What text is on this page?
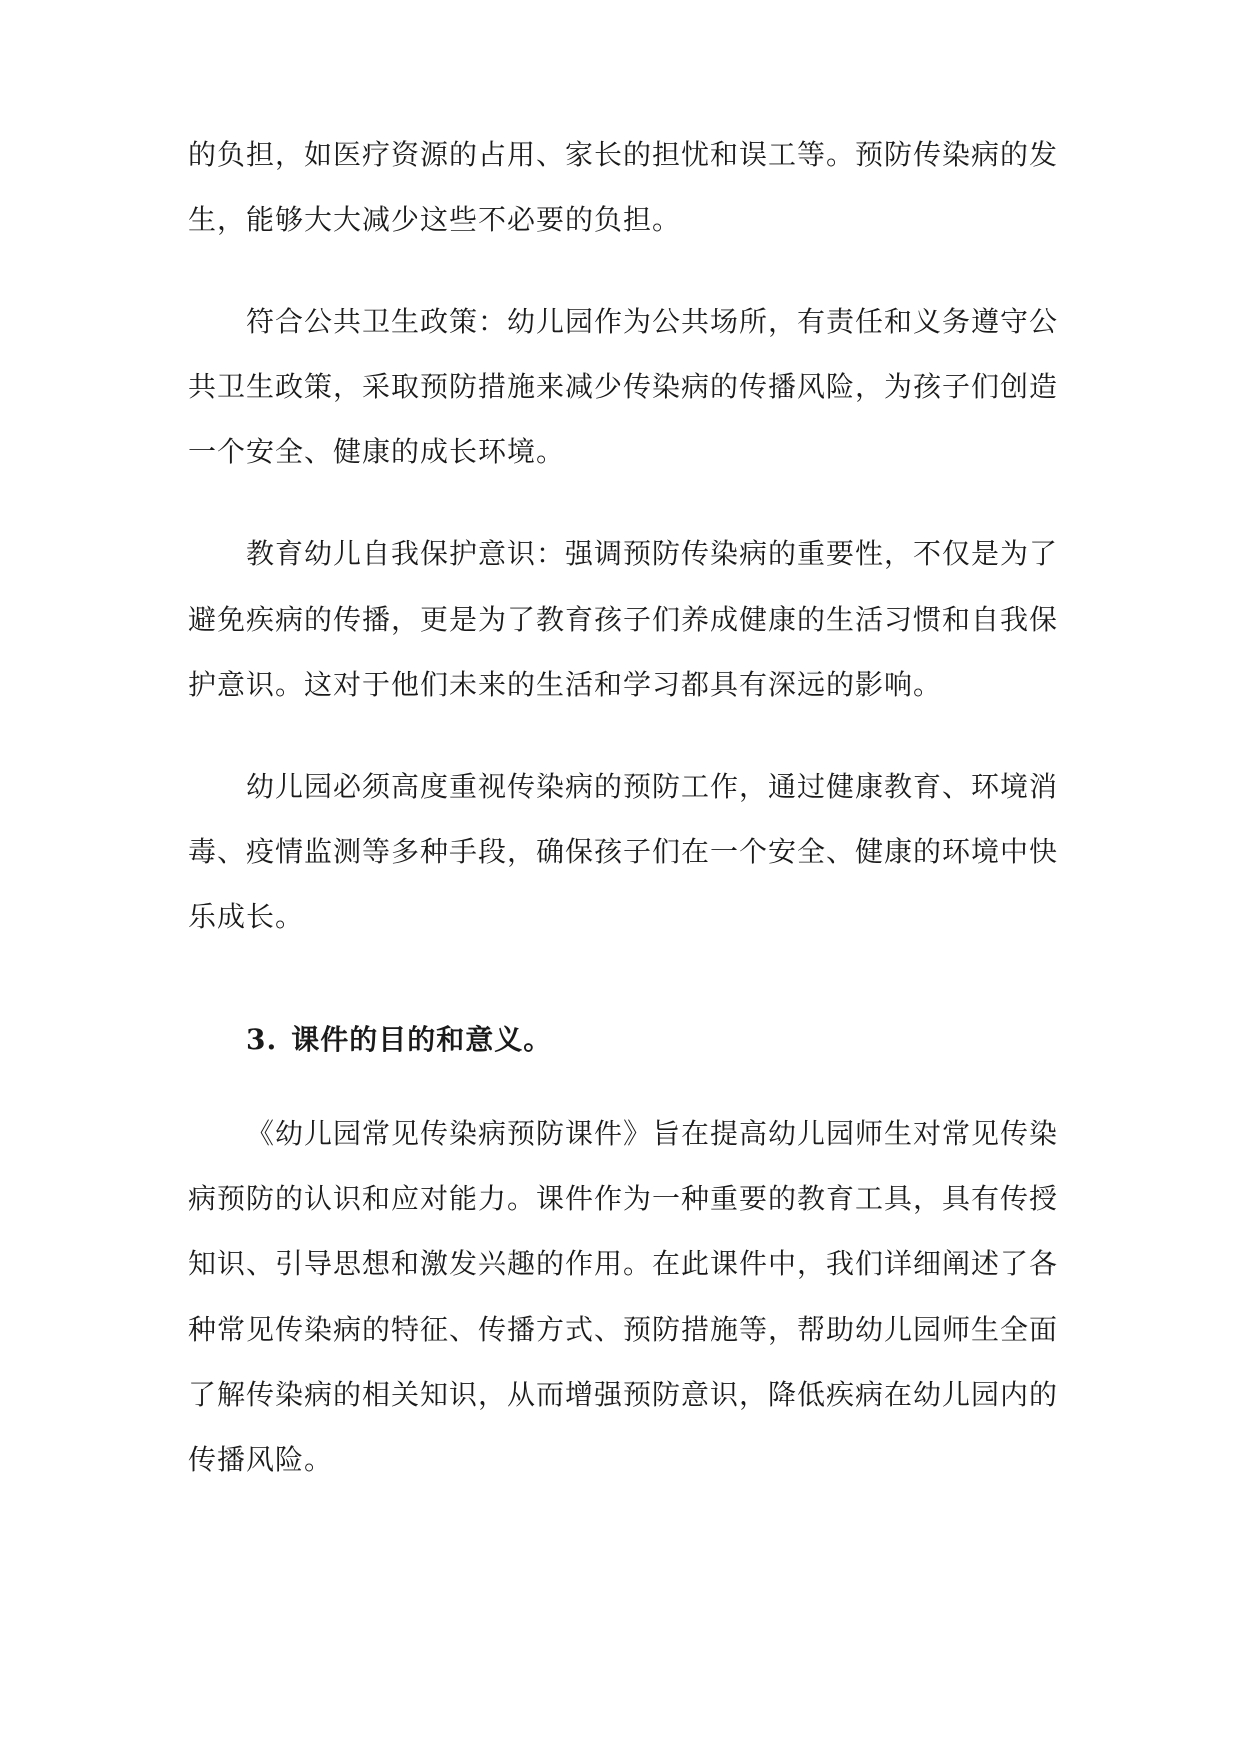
的负担，如医疗资源的占用、家长的担忧和误工等。预防传染病的发
生，能够大大减少这些不必要的负担。
符合公共卫生政策：幼儿园作为公共场所，有责任和义务遵守公
共卫生政策，采取预防措施来减少传染病的传播风险，为孩子们创造
一个安全、健康的成长环境。
教育幼儿自我保护意识：强调预防传染病的重要性，不仅是为了
避免疾病的传播，更是为了教育孩子们养成健康的生活习惯和自我保
护意识。这对于他们未来的生活和学习都具有深远的影响。
幼儿园必须高度重视传染病的预防工作，通过健康教育、环境消
毒、疫情监测等多种手段，确保孩子们在一个安全、健康的环境中快
乐成长。
3. 课件的目的和意义。
《幼儿园常见传染病预防课件》旨在提高幼儿园师生对常见传染
病预防的认识和应对能力。课件作为一种重要的教育工具，具有传授
知识、引导思想和激发兴趣的作用。在此课件中，我们详细阐述了各
种常见传染病的特征、传播方式、预防措施等，帮助幼儿园师生全面
了解传染病的相关知识，从而增强预防意识，降低疾病在幼儿园内的
传播风险。
